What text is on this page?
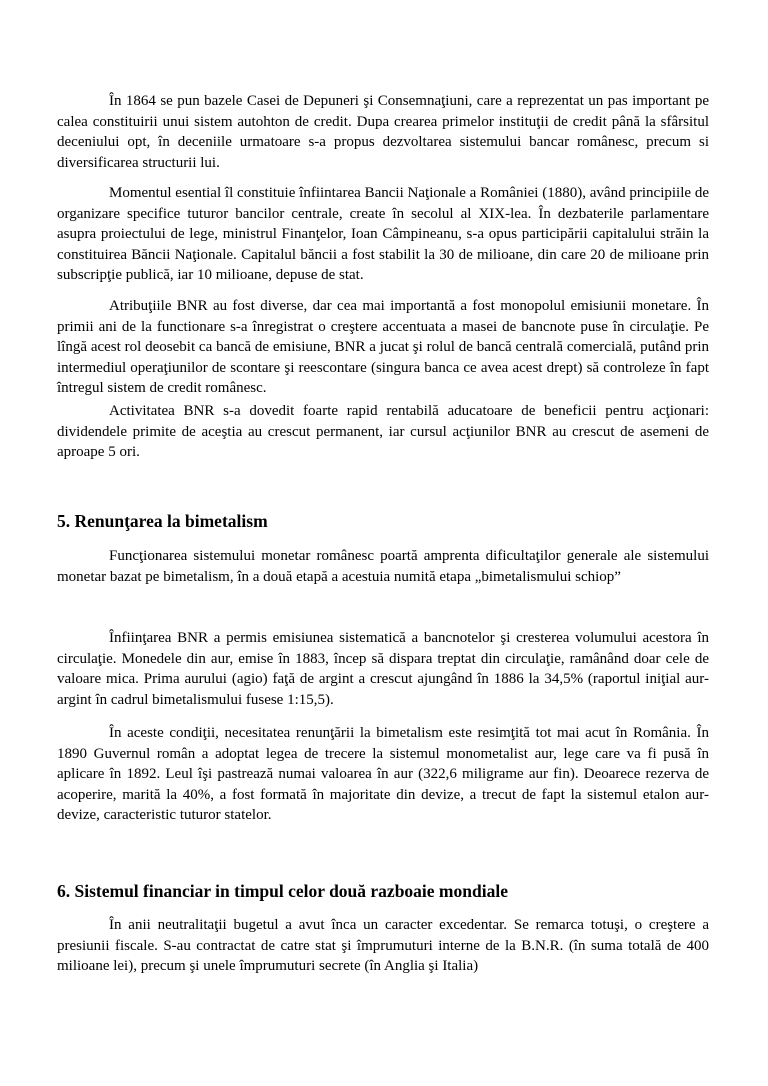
În 1864 se pun bazele Casei de Depuneri şi Consemnaţiuni, care a reprezentat un pas important pe calea constituirii unui sistem autohton de credit. Dupa crearea primelor instituţii de credit până la sfârsitul deceniului opt, în deceniile urmatoare s-a propus dezvoltarea sistemului bancar românesc, precum si diversificarea structurii lui.

Momentul esential îl constituie înfiintarea Bancii Naţionale a României (1880), având principiile de organizare specifice tuturor bancilor centrale, create în secolul al XIX-lea. În dezbaterile parlamentare asupra proiectului de lege, ministrul Finanţelor, Ioan Câmpineanu, s-a opus participării capitalului străin la constituirea Băncii Naţionale. Capitalul băncii a fost stabilit la 30 de milioane, din care 20 de milioane prin subscripţie publică, iar 10 milioane, depuse de stat.

Atribuţiile BNR au fost diverse, dar cea mai importantă a fost monopolul emisiunii monetare. În primii ani de la functionare s-a înregistrat o creştere accentuata a masei de bancnote puse în circulaţie. Pe lîngă acest rol deosebit ca bancă de emisiune, BNR a jucat şi rolul de bancă centrală comercială, putând prin intermediul operaţiunilor de scontare şi reescontare (singura banca ce avea acest drept) să controleze în fapt întregul sistem de credit românesc.

Activitatea BNR s-a dovedit foarte rapid rentabilă aducatoare de beneficii pentru acţionari: dividendele primite de aceştia au crescut permanent, iar cursul acţiunilor BNR au crescut de asemeni de aproape 5 ori.

5. Renunţarea la bimetalism

Funcţionarea sistemului monetar românesc poartă amprenta dificultaţilor generale ale sistemului monetar bazat pe bimetalism, în a două etapă a acestuia numită etapa „bimetalismului schiop”

Înfiinţarea BNR a permis emisiunea sistematică a bancnotelor şi cresterea volumului acestora în circulaţie. Monedele din aur, emise în 1883, încep să dispara treptat din circulaţie, ramânând doar cele de valoare mica. Prima aurului (agio) faţă de argint a crescut ajungând în 1886 la 34,5% (raportul iniţial aur-argint în cadrul bimetalismului fusese 1:15,5).

În aceste condiţii, necesitatea renunţării la bimetalism este resimţită tot mai acut în România. În 1890 Guvernul român a adoptat legea de trecere la sistemul monometalist aur, lege care va fi pusă în aplicare în 1892. Leul îşi pastrează numai valoarea în aur (322,6 miligrame aur fin). Deoarece rezerva de acoperire, marită la 40%, a fost formată în majoritate din devize, a trecut de fapt la sistemul etalon aur-devize, caracteristic tuturor statelor.

6. Sistemul financiar in timpul celor două razboaie mondiale

În anii neutralitaţii bugetul a avut înca un caracter excedentar. Se remarca totuşi, o creştere a presiunii fiscale. S-au contractat de catre stat şi împrumuturi interne de la B.N.R. (în suma totală de 400 milioane lei), precum şi unele împrumuturi secrete (în Anglia şi Italia)
